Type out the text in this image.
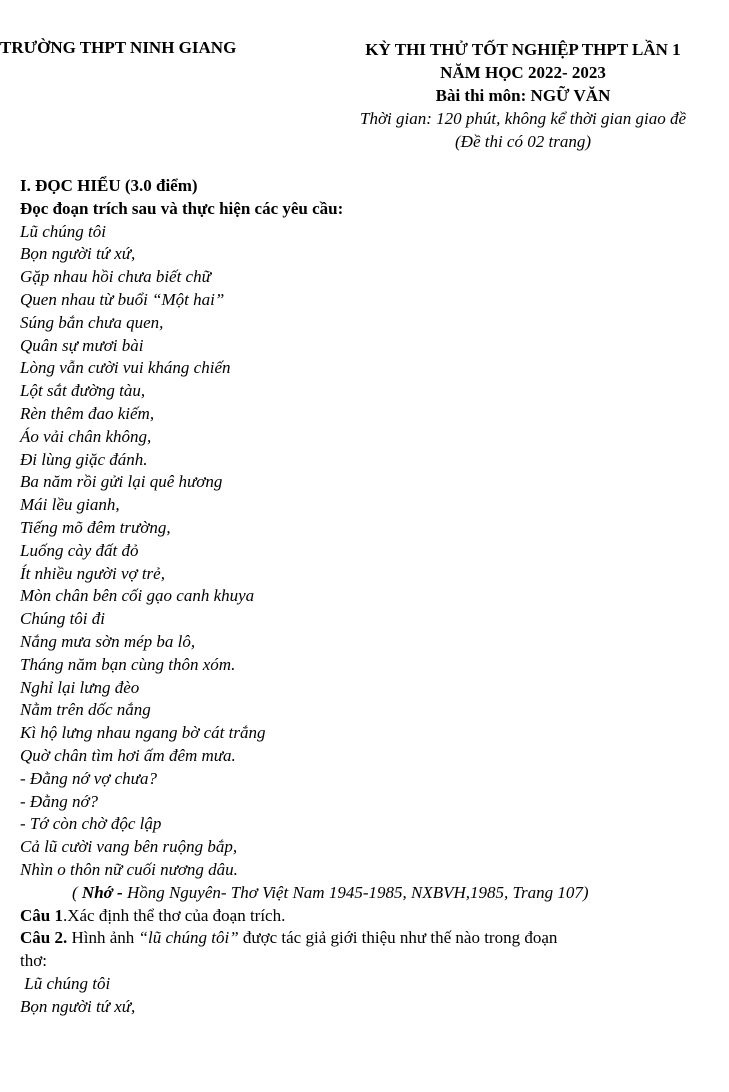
TRƯỜNG THPT NINH GIANG	KỲ THI THỬ TỐT NGHIỆP THPT LẦN 1
NĂM HỌC 2022- 2023
Bài thi môn: NGỮ VĂN
Thời gian: 120 phút, không kể thời gian giao đề
(Đề thi có 02 trang)
I. ĐỌC HIỂU (3.0 điểm)
Đọc đoạn trích sau và thực hiện các yêu cầu:
Lũ chúng tôi
Bọn người tứ xứ,
Gặp nhau hồi chưa biết chữ
Quen nhau từ buổi “Một hai”
Súng bắn chưa quen,
Quân sự mươi bài
Lòng vẫn cười vui kháng chiến
Lột sắt đường tàu,
Rèn thêm đao kiếm,
Áo vải chân không,
Đi lùng giặc đánh.
Ba năm rồi gửi lại quê hương
Mái lều gianh,
Tiếng mõ đêm trường,
Luống cày đất đỏ
Ít nhiều người vợ trẻ,
Mòn chân bên cối gạo canh khuya
Chúng tôi đi
Nắng mưa sờn mép ba lô,
Tháng năm bạn cùng thôn xóm.
Nghỉ lại lưng đèo
Nằm trên dốc nắng
Kì hộ lưng nhau ngang bờ cát trắng
Quờ chân tìm hơi ấm đêm mưa.
- Đằng nớ vợ chưa?
- Đằng nớ?
- Tớ còn chờ độc lập
Cả lũ cười vang bên ruộng bắp,
Nhìn o thôn nữ cuối nương dâu.
( Nhớ - Hồng Nguyên- Thơ Việt Nam 1945-1985, NXBVH,1985, Trang 107)
Câu 1.Xác định thể thơ của đoạn trích.
Câu 2. Hình ảnh “lũ chúng tôi” được tác giả giới thiệu như thế nào trong đoạn
thơ:
Lũ chúng tôi
Bọn người tứ xứ,
